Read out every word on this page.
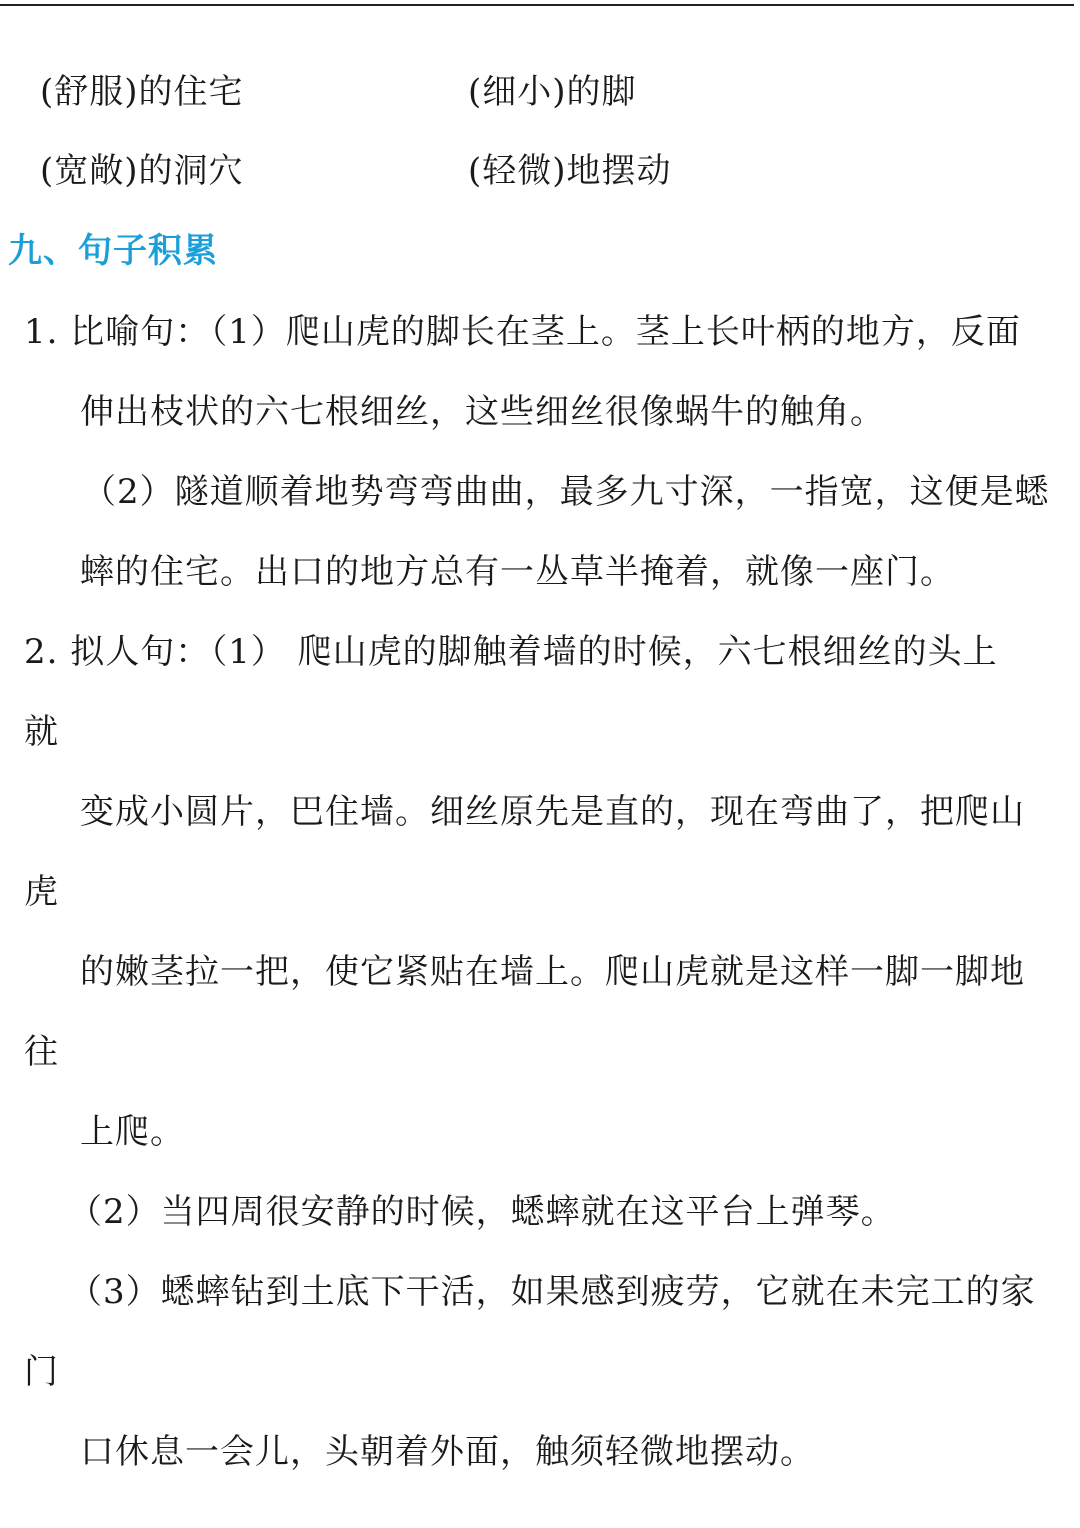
(舒服)的住宅	(细小)的脚
(宽敞)的洞穴	(轻微)地摆动
九、句子积累
1. 比喻句：（1）爬山虎的脚长在茎上。茎上长叶柄的地方，反面
伸出枝状的六七根细丝，这些细丝很像蜗牛的触角。
（2）隧道顺着地势弯弯曲曲，最多九寸深，一指宽，这便是蟋
蟀的住宅。出口的地方总有一丛草半掩着，就像一座门。
2. 拟人句：（1） 爬山虎的脚触着墙的时候，六七根细丝的头上
就
变成小圆片，巴住墙。细丝原先是直的，现在弯曲了，把爬山
虎
的嫩茎拉一把，使它紧贴在墙上。爬山虎就是这样一脚一脚地
往
上爬。
（2）当四周很安静的时候，蟋蟀就在这平台上弹琴。
（3）蟋蟀钻到土底下干活，如果感到疲劳，它就在未完工的家
门
口休息一会儿，头朝着外面，触须轻微地摆动。
